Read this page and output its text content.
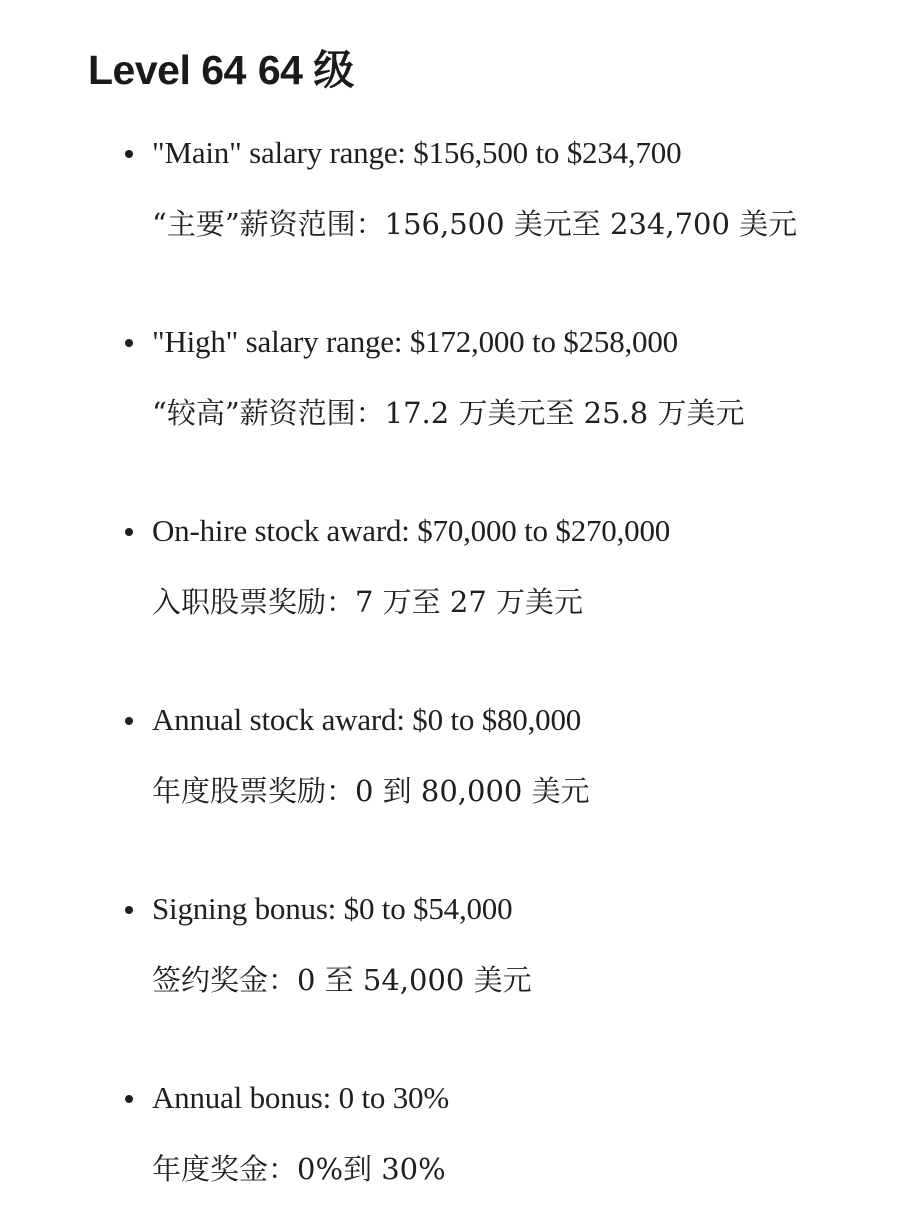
Level 64 64 级

"Main" salary range: $156,500 to $234,700

“主要”薪资范围：156,500 美元至 234,700 美元

"High" salary range: $172,000 to $258,000

“较高”薪资范围：17.2 万美元至 25.8 万美元

On-hire stock award: $70,000 to $270,000

入职股票奖励：7 万至 27 万美元

Annual stock award: $0 to $80,000

年度股票奖励：0 到 80,000 美元

Signing bonus: $0 to $54,000

签约奖金：0 至 54,000 美元

Annual bonus: 0 to 30%

年度奖金：0%到 30%
